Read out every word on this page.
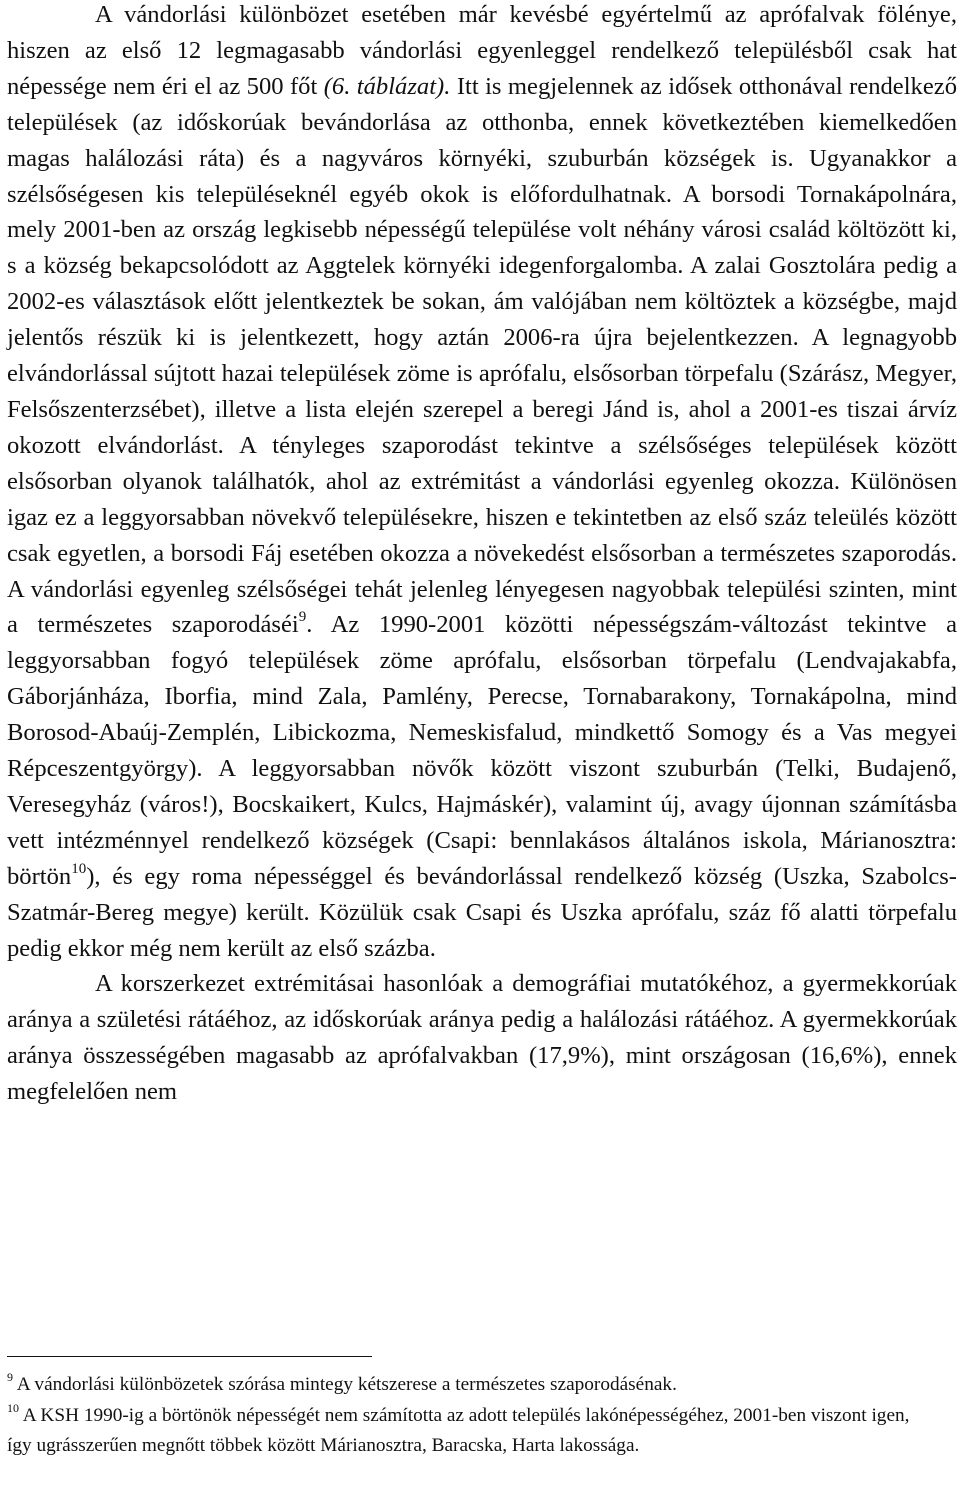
A vándorlási különbözet esetében már kevésbé egyértelmű az aprófalvak fölénye, hiszen az első 12 legmagasabb vándorlási egyenleggel rendelkező településből csak hat népessége nem éri el az 500 főt (6. táblázat). Itt is megjelennek az idősek otthonával rendelkező települések (az időskorúak bevándorlása az otthonba, ennek következtében kiemelkedően magas halálozási ráta) és a nagyváros környéki, szuburbán községek is. Ugyanakkor a szélsőségesen kis településeknél egyéb okok is előfordulhatnak. A borsodi Tornakápolnára, mely 2001-ben az ország legkisebb népességű települése volt néhány városi család költözött ki, s a község bekapcsolódott az Aggtelek környéki idegenforgalomba. A zalai Gosztolára pedig a 2002-es választások előtt jelentkeztek be sokan, ám valójában nem költöztek a községbe, majd jelentős részük ki is jelentkezett, hogy aztán 2006-ra újra bejelentkezzen. A legnagyobb elvándorlással sújtott hazai települések zöme is aprófalu, elsősorban törpefalu (Szárász, Megyer, Felsőszenterzsébet), illetve a lista elején szerepel a beregi Jánd is, ahol a 2001-es tiszai árvíz okozott elvándorlást. A tényleges szaporodást tekintve a szélsőséges települések között elsősorban olyanok találhatók, ahol az extrémitást a vándorlási egyenleg okozza. Különösen igaz ez a leggyorsabban növekvő településekre, hiszen e tekintetben az első száz teleülés között csak egyetlen, a borsodi Fáj esetében okozza a növekedést elsősorban a természetes szaporodás. A vándorlási egyenleg szélsőségei tehát jelenleg lényegesen nagyobbak települési szinten, mint a természetes szaporodáséi$^9$. Az 1990-2001 közötti népességszám-változást tekintve a leggyorsabban fogyó települések zöme aprófalu, elsősorban törpefalu (Lendvajakabfa, Gáborjánháza, Iborfia, mind Zala, Pamlény, Perecse, Tornabarakony, Tornakápolna, mind Borosod-Abaúj-Zemplén, Libickozma, Nemeskisfalud, mindkettő Somogy és a Vas megyei Répceszentgyörgy). A leggyorsabban növők között viszont szuburbán (Telki, Budajenő, Veresegyház (város!), Bocskaikert, Kulcs, Hajmáskér), valamint új, avagy újonnan számításba vett intézménnyel rendelkező községek (Csapi: bennlakásos általános iskola, Márianosztra: börtön$^{10}$), és egy roma népességgel és bevándorlással rendelkező község (Uszka, Szabolcs-Szatmár-Bereg megye) került. Közülük csak Csapi és Uszka aprófalu, száz fő alatti törpefalu pedig ekkor még nem került az első százba.

A korszerkezet extrémitásai hasonlóak a demográfiai mutatókéhoz, a gyermekkorúak aránya a születési rátáéhoz, az időskorúak aránya pedig a halálozási rátáéhoz. A gyermekkorúak aránya összességében magasabb az aprófalvakban (17,9%), mint országosan (16,6%), ennek megfelelően nem

$^9$ A vándorlási különbözetek szórása mintegy kétszerese a természetes szaporodásénak.

$^{10}$ A KSH 1990-ig a börtönök népességét nem számította az adott település lakónépességéhez, 2001-ben viszont igen, így ugrásszerűen megnőtt többek között Márianosztra, Baracska, Harta lakossága.
